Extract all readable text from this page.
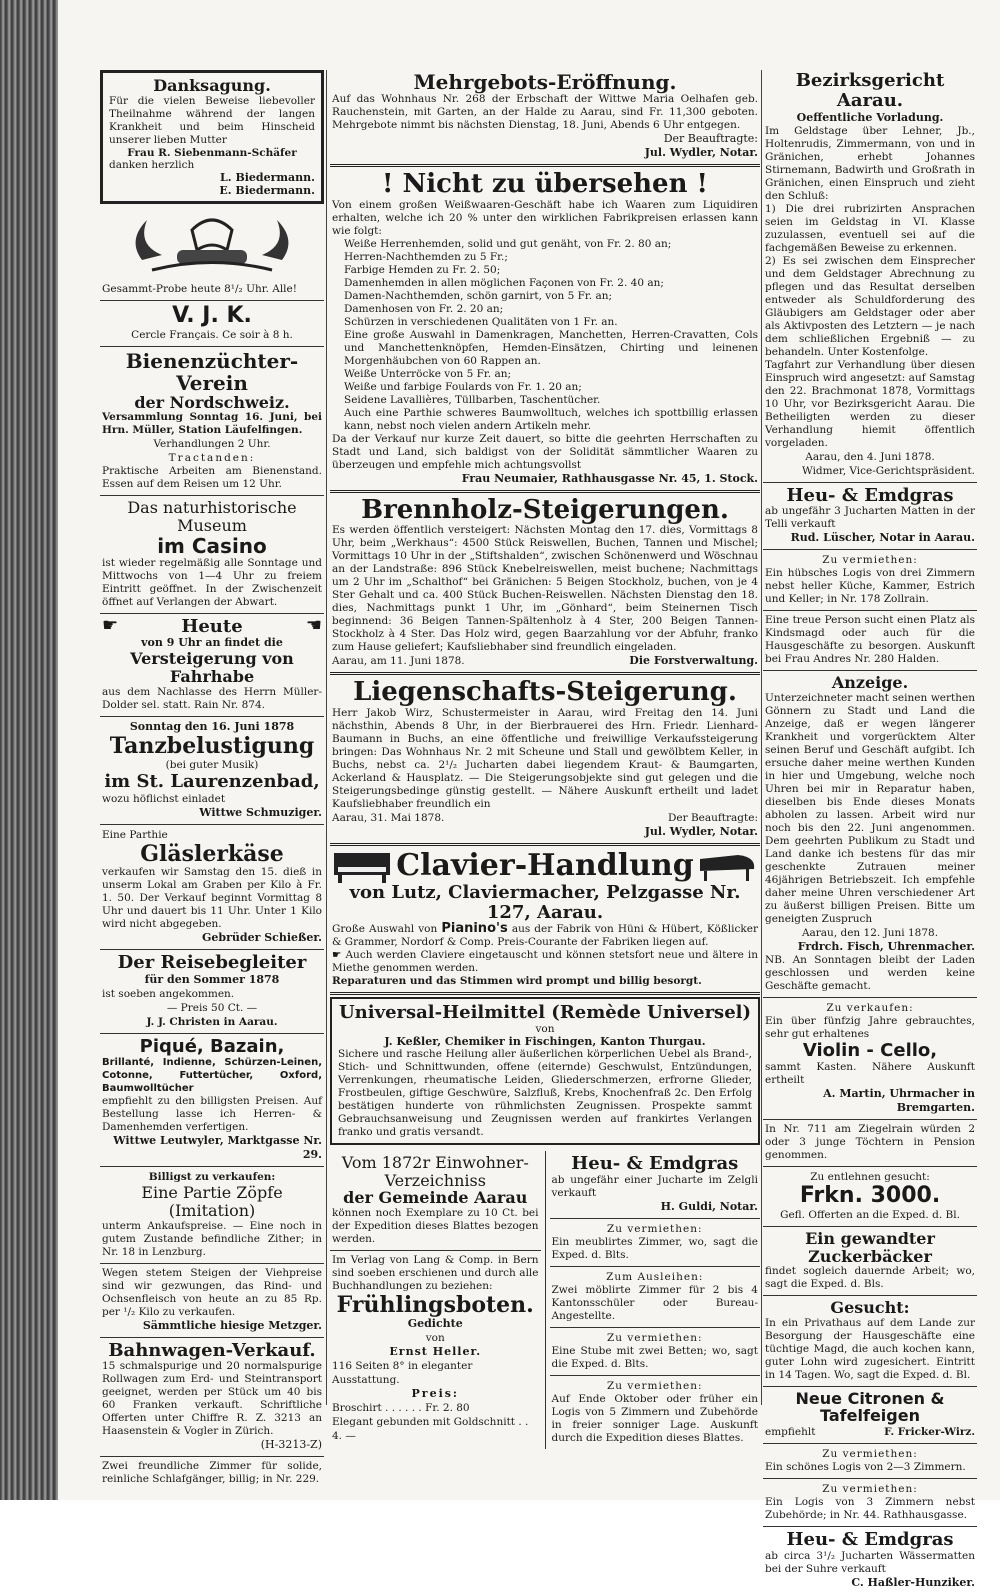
Danksagung.

Für die vielen Beweise liebevoller Theilnahme während der langen Krankheit und beim Hinscheid unserer lieben Mutter

Frau R. Siebenmann-Schäfer
danken herzlich
L. Biedermann.
E. Biedermann.
Gesammt-Probe heute 8¹/₂ Uhr. Alle!
V. J. K.
Cercle Français. Ce soir à 8 h.
Bienenzüchter-Verein
der Nordschweiz.

Versammlung Sonntag 16. Juni, bei Hrn. Müller, Station Läufelfingen.

Verhandlungen 2 Uhr.
Tractanden:

Praktische Arbeiten am Bienenstand. Essen auf dem Reisen um 12 Uhr.

Das naturhistorische Museum
im Casino

ist wieder regelmäßig alle Sonntage und Mittwochs von 1—4 Uhr zu freiem Eintritt geöffnet. In der Zwischenzeit öffnet auf Verlangen der Abwart.

☛	Heute	☚
von 9 Uhr an findet die
Versteigerung von Fahrhabe

aus dem Nachlasse des Herrn Müller-Dolder sel. statt. Rain Nr. 874.

Sonntag den 16. Juni 1878
Tanzbelustigung
(bei guter Musik)
im St. Laurenzenbad,
wozu höflichst einladet
Wittwe Schmuziger.
Eine Parthie
Gläslerkäse

verkaufen wir Samstag den 15. dieß in unserm Lokal am Graben per Kilo à Fr. 1. 50. Der Verkauf beginnt Vormittag 8 Uhr und dauert bis 11 Uhr. Unter 1 Kilo wird nicht abgegeben.

Gebrüder Schießer.
Der Reisebegleiter
für den Sommer 1878
ist soeben angekommen.
— Preis 50 Ct. —
J. J. Christen in Aarau.
Piqué, Bazain,

Brillanté, Indienne, Schürzen-Leinen, Cotonne, Futtertücher, Oxford, Baumwolltücher

empfiehlt zu den billigsten Preisen. Auf Bestellung lasse ich Herren- & Damenhemden verfertigen.

Wittwe Leutwyler, Marktgasse Nr. 29.
Billigst zu verkaufen:
Eine Partie Zöpfe (Imitation)

unterm Ankaufspreise. — Eine noch in gutem Zustande befindliche Zither; in Nr. 18 in Lenzburg.

Wegen stetem Steigen der Viehpreise sind wir gezwungen, das Rind- und Ochsenfleisch von heute an zu 85 Rp. per ¹/₂ Kilo zu verkaufen.

Sämmtliche hiesige Metzger.
Bahnwagen-Verkauf.

15 schmalspurige und 20 normalspurige Rollwagen zum Erd- und Steintransport geeignet, werden per Stück um 40 bis 60 Franken verkauft. Schriftliche Offerten unter Chiffre R. Z. 3213 an Haasenstein & Vogler in Zürich.

(H-3213-Z)

Zwei freundliche Zimmer für solide, reinliche Schlafgänger, billig; in Nr. 229.

Mehrgebots-Eröffnung.

Auf das Wohnhaus Nr. 268 der Erbschaft der Wittwe Maria Oelhafen geb. Rauchenstein, mit Garten, an der Halde zu Aarau, sind Fr. 11,300 geboten. Mehrgebote nimmt bis nächsten Dienstag, 18. Juni, Abends 6 Uhr entgegen.

Der Beauftragte:
Jul. Wydler, Notar.
! Nicht zu übersehen !

Von einem großen Weißwaaren-Geschäft habe ich Waaren zum Liquidiren erhalten, welche ich 20 % unter den wirklichen Fabrikpreisen erlassen kann wie folgt:

Weiße Herrenhemden, solid und gut genäht, von Fr. 2. 80 an;

Herren-Nachthemden zu 5 Fr.;

Farbige Hemden zu Fr. 2. 50;

Damenhemden in allen möglichen Façonen von Fr. 2. 40 an;

Damen-Nachthemden, schön garnirt, von 5 Fr. an;

Damenhosen von Fr. 2. 20 an;

Schürzen in verschiedenen Qualitäten von 1 Fr. an.

Eine große Auswahl in Damenkragen, Manchetten, Herren-Cravatten, Cols und Manchettenknöpfen, Hemden-Einsätzen, Chirting und leinenen Morgenhäubchen von 60 Rappen an.

Weiße Unterröcke von 5 Fr. an;

Weiße und farbige Foulards von Fr. 1. 20 an;

Seidene Lavallières, Tüllbarben, Taschentücher.

Auch eine Parthie schweres Baumwolltuch, welches ich spottbillig erlassen kann, nebst noch vielen andern Artikeln mehr.

Da der Verkauf nur kurze Zeit dauert, so bitte die geehrten Herrschaften zu Stadt und Land, sich baldigst von der Solidität sämmtlicher Waaren zu überzeugen und empfehle mich achtungsvollst

Frau Neumaier, Rathhausgasse Nr. 45, 1. Stock.
Brennholz-Steigerungen.

Es werden öffentlich versteigert: Nächsten Montag den 17. dies, Vormittags 8 Uhr, beim „Werkhaus“: 4500 Stück Reiswellen, Buchen, Tannen und Mischel; Vormittags 10 Uhr in der „Stiftshalden“, zwischen Schönenwerd und Wöschnau an der Landstraße: 896 Stück Knebelreiswellen, meist buchene; Nachmittags um 2 Uhr im „Schalthof“ bei Gränichen: 5 Beigen Stockholz, buchen, von je 4 Ster Gehalt und ca. 400 Stück Buchen-Reiswellen. Nächsten Dienstag den 18. dies, Nachmittags punkt 1 Uhr, im „Gönhard“, beim Steinernen Tisch beginnend: 36 Beigen Tannen-Spältenholz à 4 Ster, 200 Beigen Tannen-Stockholz à 4 Ster. Das Holz wird, gegen Baarzahlung vor der Abfuhr, franko zum Hause geliefert; Kaufsliebhaber sind freundlich eingeladen.

Aarau, am 11. Juni 1878.	Die Forstverwaltung.
Liegenschafts-Steigerung.

Herr Jakob Wirz, Schustermeister in Aarau, wird Freitag den 14. Juni nächsthin, Abends 8 Uhr, in der Bierbrauerei des Hrn. Friedr. Lienhard-Baumann in Buchs, an eine öffentliche und freiwillige Verkaufssteigerung bringen: Das Wohnhaus Nr. 2 mit Scheune und Stall und gewölbtem Keller, in Buchs, nebst ca. 2¹/₂ Jucharten dabei liegendem Kraut- & Baumgarten, Ackerland & Hausplatz. — Die Steigerungsobjekte sind gut gelegen und die Steigerungsbedinge günstig gestellt. — Nähere Auskunft ertheilt und ladet Kaufsliebhaber freundlich ein

Aarau, 31. Mai 1878.	Der Beauftragte:
Jul. Wydler, Notar.
Clavier-Handlung
von Lutz, Claviermacher, Pelzgasse Nr. 127, Aarau.

Große Auswahl von Pianino's aus der Fabrik von Hüni & Hübert, Kößlicker & Grammer, Nordorf & Comp. Preis-Courante der Fabriken liegen auf.

☛ Auch werden Claviere eingetauscht und können stetsfort neue und ältere in Miethe genommen werden.

Reparaturen und das Stimmen wird prompt und billig besorgt.

Universal-Heilmittel (Remède Universel)
von
J. Keßler, Chemiker in Fischingen, Kanton Thurgau.

Sichere und rasche Heilung aller äußerlichen körperlichen Uebel als Brand-, Stich- und Schnittwunden, offene (eiternde) Geschwulst, Entzündungen, Verrenkungen, rheumatische Leiden, Gliederschmerzen, erfrorne Glieder, Frostbeulen, giftige Geschwüre, Salzfluß, Krebs, Knochenfraß 2c. Den Erfolg bestätigen hunderte von rühmlichsten Zeugnissen. Prospekte sammt Gebrauchsanweisung und Zeugnissen werden auf frankirtes Verlangen franko und gratis versandt.

Vom 1872r Einwohner-Verzeichniss
der Gemeinde Aarau

können noch Exemplare zu 10 Ct. bei der Expedition dieses Blattes bezogen werden.

Im Verlag von Lang & Comp. in Bern sind soeben erschienen und durch alle Buchhandlungen zu beziehen:

Frühlingsboten.
Gedichte
von
Ernst Heller.
116 Seiten 8° in eleganter Ausstattung.
Preis:
Broschirt . . . . . . Fr. 2. 80
Elegant gebunden mit Goldschnitt . . 4. —
Heu- & Emdgras

ab ungefähr einer Jucharte im Zelgli verkauft

H. Guldi, Notar.
Zu vermiethen:

Ein meublirtes Zimmer, wo, sagt die Exped. d. Blts.

Zum Ausleihen:

Zwei möblirte Zimmer für 2 bis 4 Kantonsschüler oder Bureau-Angestellte.

Zu vermiethen:

Eine Stube mit zwei Betten; wo, sagt die Exped. d. Blts.

Zu vermiethen:

Auf Ende Oktober oder früher ein Logis von 5 Zimmern und Zubehörde in freier sonniger Lage. Auskunft durch die Expedition dieses Blattes.

Bezirksgericht Aarau.
Oeffentliche Vorladung.

Im Geldstage über Lehner, Jb., Holtenrudis, Zimmermann, von und in Gränichen, erhebt Johannes Stirnemann, Badwirth und Großrath in Gränichen, einen Einspruch und zieht den Schluß:

1) Die drei rubrizirten Ansprachen seien im Geldstag in VI. Klasse zuzulassen, eventuell sei auf die fachgemäßen Beweise zu erkennen.

2) Es sei zwischen dem Einsprecher und dem Geldstager Abrechnung zu pflegen und das Resultat derselben entweder als Schuldforderung des Gläubigers am Geldstager oder aber als Aktivposten des Letztern — je nach dem schließlichen Ergebniß — zu behandeln. Unter Kostenfolge.

Tagfahrt zur Verhandlung über diesen Einspruch wird angesetzt: auf Samstag den 22. Brachmonat 1878, Vormittags 10 Uhr, vor Bezirksgericht Aarau. Die Betheiligten werden zu dieser Verhandlung hiemit öffentlich vorgeladen.

Aarau, den 4. Juni 1878.
Widmer, Vice-Gerichtspräsident.
Heu- & Emdgras

ab ungefähr 3 Jucharten Matten in der Telli verkauft

Rud. Lüscher, Notar in Aarau.
Zu vermiethen:

Ein hübsches Logis von drei Zimmern nebst heller Küche, Kammer, Estrich und Keller; in Nr. 178 Zollrain.

Eine treue Person sucht einen Platz als Kindsmagd oder auch für die Hausgeschäfte zu besorgen. Auskunft bei Frau Andres Nr. 280 Halden.

Anzeige.

Unterzeichneter macht seinen werthen Gönnern zu Stadt und Land die Anzeige, daß er wegen längerer Krankheit und vorgerücktem Alter seinen Beruf und Geschäft aufgibt. Ich ersuche daher meine werthen Kunden in hier und Umgebung, welche noch Uhren bei mir in Reparatur haben, dieselben bis Ende dieses Monats abholen zu lassen. Arbeit wird nur noch bis den 22. Juni angenommen. Dem geehrten Publikum zu Stadt und Land danke ich bestens für das mir geschenkte Zutrauen meiner 46jährigen Betriebszeit. Ich empfehle daher meine Uhren verschiedener Art zu äußerst billigen Preisen. Bitte um geneigten Zuspruch

Aarau, den 12. Juni 1878.
Frdrch. Fisch, Uhrenmacher.

NB. An Sonntagen bleibt der Laden geschlossen und werden keine Geschäfte gemacht.

Zu verkaufen:

Ein über fünfzig Jahre gebrauchtes, sehr gut erhaltenes

Violin - Cello,

sammt Kasten. Nähere Auskunft ertheilt

A. Martin, Uhrmacher in Bremgarten.

In Nr. 711 am Ziegelrain würden 2 oder 3 junge Töchtern in Pension genommen.

Zu entlehnen gesucht:
Frkn. 3000.
Gefl. Offerten an die Exped. d. Bl.
Ein gewandter Zuckerbäcker

findet sogleich dauernde Arbeit; wo, sagt die Exped. d. Bls.

Gesucht:

In ein Privathaus auf dem Lande zur Besorgung der Hausgeschäfte eine tüchtige Magd, die auch kochen kann, guter Lohn wird zugesichert. Eintritt in 14 Tagen. Wo, sagt die Exped. d. Bl.

Neue Citronen & Tafelfeigen
empfiehlt	F. Fricker-Wirz.
Zu vermiethen:

Ein schönes Logis von 2—3 Zimmern.

Zu vermiethen:

Ein Logis von 3 Zimmern nebst Zubehörde; in Nr. 44. Rathhausgasse.

Heu- & Emdgras

ab circa 3¹/₂ Jucharten Wässermatten bei der Suhre verkauft

C. Haßler-Hunziker.
